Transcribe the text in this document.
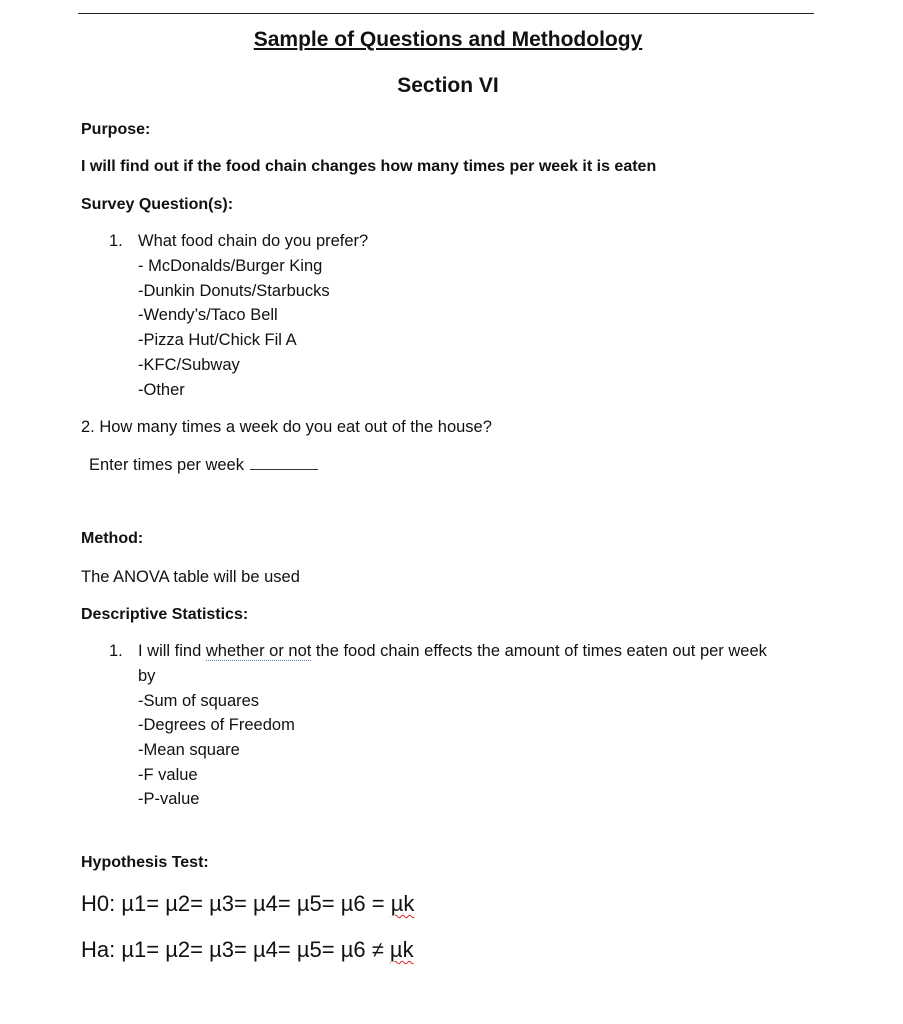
Sample of Questions and Methodology
Section VI
Purpose:
I will find out if the food chain changes how many times per week it is eaten
Survey Question(s):
1. What food chain do you prefer?
- McDonalds/Burger King
-Dunkin Donuts/Starbucks
-Wendy’s/Taco Bell
-Pizza Hut/Chick Fil A
-KFC/Subway
-Other
2. How many times a week do you eat out of the house?
Enter times per week
Method:
The ANOVA table will be used
Descriptive Statistics:
1. I will find whether or not the food chain effects the amount of times eaten out per week
by
-Sum of squares
-Degrees of Freedom
-Mean square
-F value
-P-value
Hypothesis Test:
H0: µ1= µ2= µ3= µ4= µ5= µ6 = µk
Ha: µ1= µ2= µ3= µ4= µ5= µ6 ≠ µk
